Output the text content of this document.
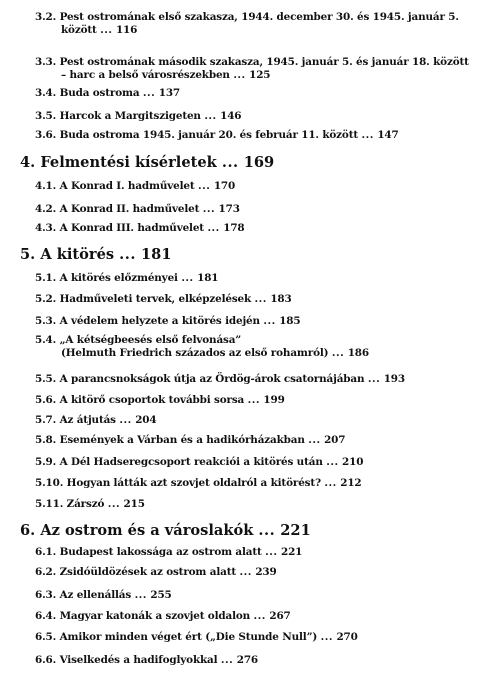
3.2. Pest ostromának első szakasza, 1944. december 30. és 1945. január 5.
között ... 116
3.3. Pest ostromának második szakasza, 1945. január 5. és január 18. között
– harc a belső városrészekben ... 125
3.4. Buda ostroma ... 137
3.5. Harcok a Margitszigeten ... 146
3.6. Buda ostroma 1945. január 20. és február 11. között ... 147
4. Felmentési kísérletek ... 169
4.1. A Konrad I. hadművelet ... 170
4.2. A Konrad II. hadművelet ... 173
4.3. A Konrad III. hadművelet ... 178
5. A kitörés ... 181
5.1. A kitörés előzményei ... 181
5.2. Hadműveleti tervek, elképzelések ... 183
5.3. A védelem helyzete a kitörés idején ... 185
5.4. „A kétségbeesés első felvonása”
(Helmuth Friedrich százados az első rohamról) ... 186
5.5. A parancsnokságok útja az Ördög-árok csatornájában ... 193
5.6. A kitörő csoportok további sorsa ... 199
5.7. Az átjutás ... 204
5.8. Események a Várban és a hadikórházakban ... 207
5.9. A Dél Hadseregcsoport reakciói a kitörés után ... 210
5.10. Hogyan látták azt szovjet oldalról a kitörést? ... 212
5.11. Zárszó ... 215
6. Az ostrom és a városlakók ... 221
6.1. Budapest lakossága az ostrom alatt ... 221
6.2. Zsidóüldözések az ostrom alatt ... 239
6.3. Az ellenállás ... 255
6.4. Magyar katonák a szovjet oldalon ... 267
6.5. Amikor minden véget ért („Die Stunde Null”) ... 270
6.6. Viselkedés a hadifoglyokkal ... 276
